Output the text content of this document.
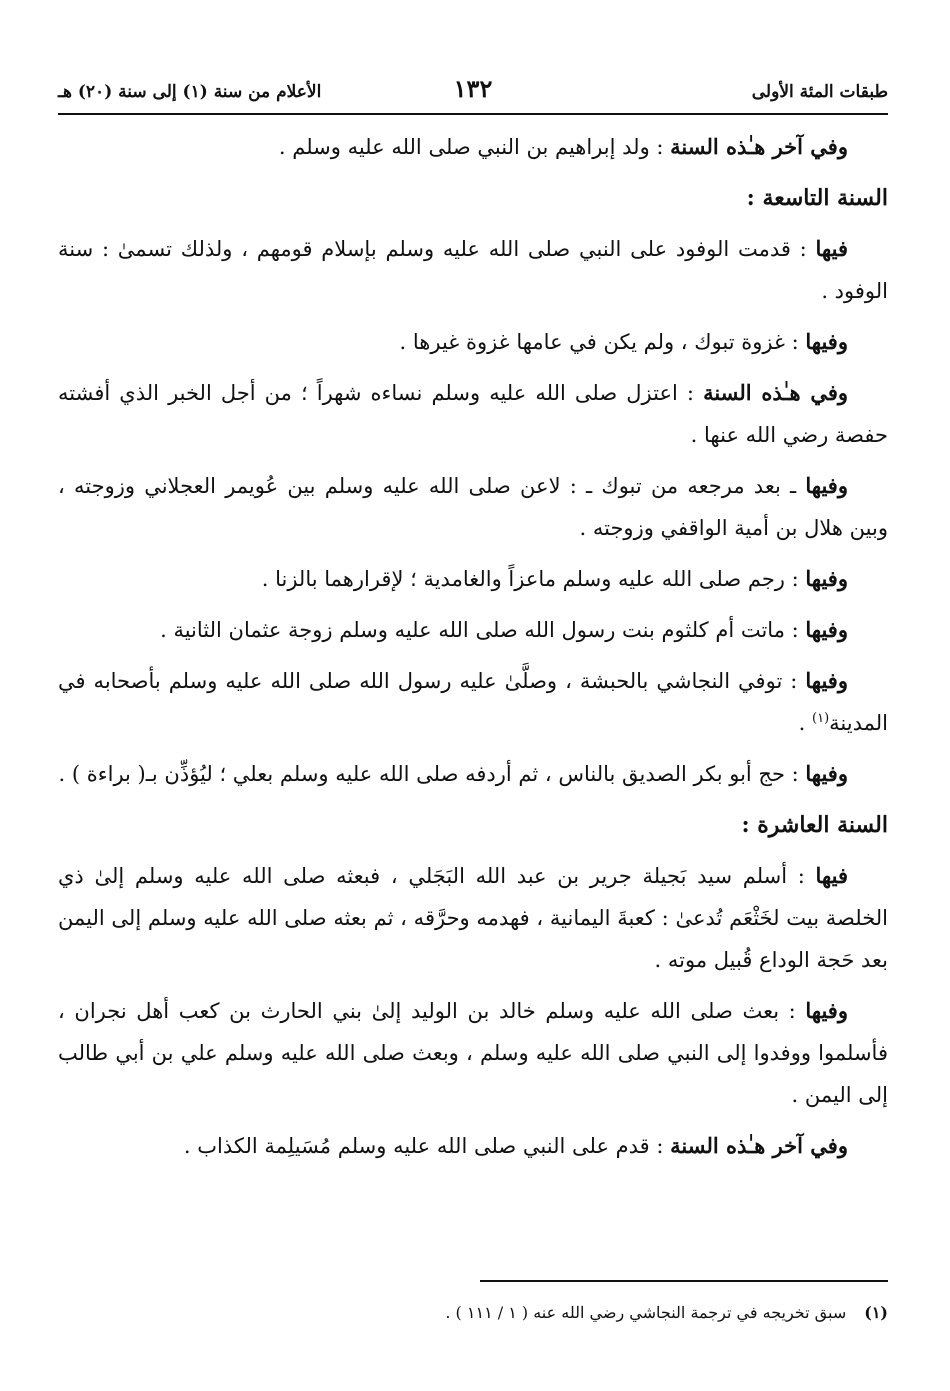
طبقات المئة الأولى
١٣٢
الأعلام من سنة (١) إلى سنة (٢٠) هـ

وفي آخر هـٰذه السنة : ولد إبراهيم بن النبي صلى الله عليه وسلم .

السنة التاسعة :

فيها : قدمت الوفود على النبي صلى الله عليه وسلم بإسلام قومهم ، ولذلك تسمىٰ : سنة الوفود .

وفيها : غزوة تبوك ، ولم يكن في عامها غزوة غيرها .

وفي هـٰذه السنة : اعتزل صلى الله عليه وسلم نساءه شهراً ؛ من أجل الخبر الذي أفشته حفصة رضي الله عنها .

وفيها ـ بعد مرجعه من تبوك ـ : لاعن صلى الله عليه وسلم بين عُويمر العجلاني وزوجته ، وبين هلال بن أمية الواقفي وزوجته .

وفيها : رجم صلى الله عليه وسلم ماعزاً والغامدية ؛ لإقرارهما بالزنا .

وفيها : ماتت أم كلثوم بنت رسول الله صلى الله عليه وسلم زوجة عثمان الثانية .

وفيها : توفي النجاشي بالحبشة ، وصلَّىٰ عليه رسول الله صلى الله عليه وسلم بأصحابه في المدينة$^{(١)}$ .

وفيها : حج أبو بكر الصديق بالناس ، ثم أردفه صلى الله عليه وسلم بعلي ؛ ليُؤذِّن بـ( براءة ) .

السنة العاشرة :

فيها : أسلم سيد بَجيلة جرير بن عبد الله البَجَلي ، فبعثه صلى الله عليه وسلم إلىٰ ذي الخلصة بيت لخَثْعَم تُدعىٰ : كعبةَ اليمانية ، فهدمه وحرَّقه ، ثم بعثه صلى الله عليه وسلم إلى اليمن بعد حَجة الوداع قُبيل موته .

وفيها : بعث صلى الله عليه وسلم خالد بن الوليد إلىٰ بني الحارث بن كعب أهل نجران ، فأسلموا ووفدوا إلى النبي صلى الله عليه وسلم ، وبعث صلى الله عليه وسلم علي بن أبي طالب إلى اليمن .

وفي آخر هـٰذه السنة : قدم على النبي صلى الله عليه وسلم مُسَيلِمة الكذاب .

(١)سبق تخريجه في ترجمة النجاشي رضي الله عنه ( ١ / ١١١ ) .
